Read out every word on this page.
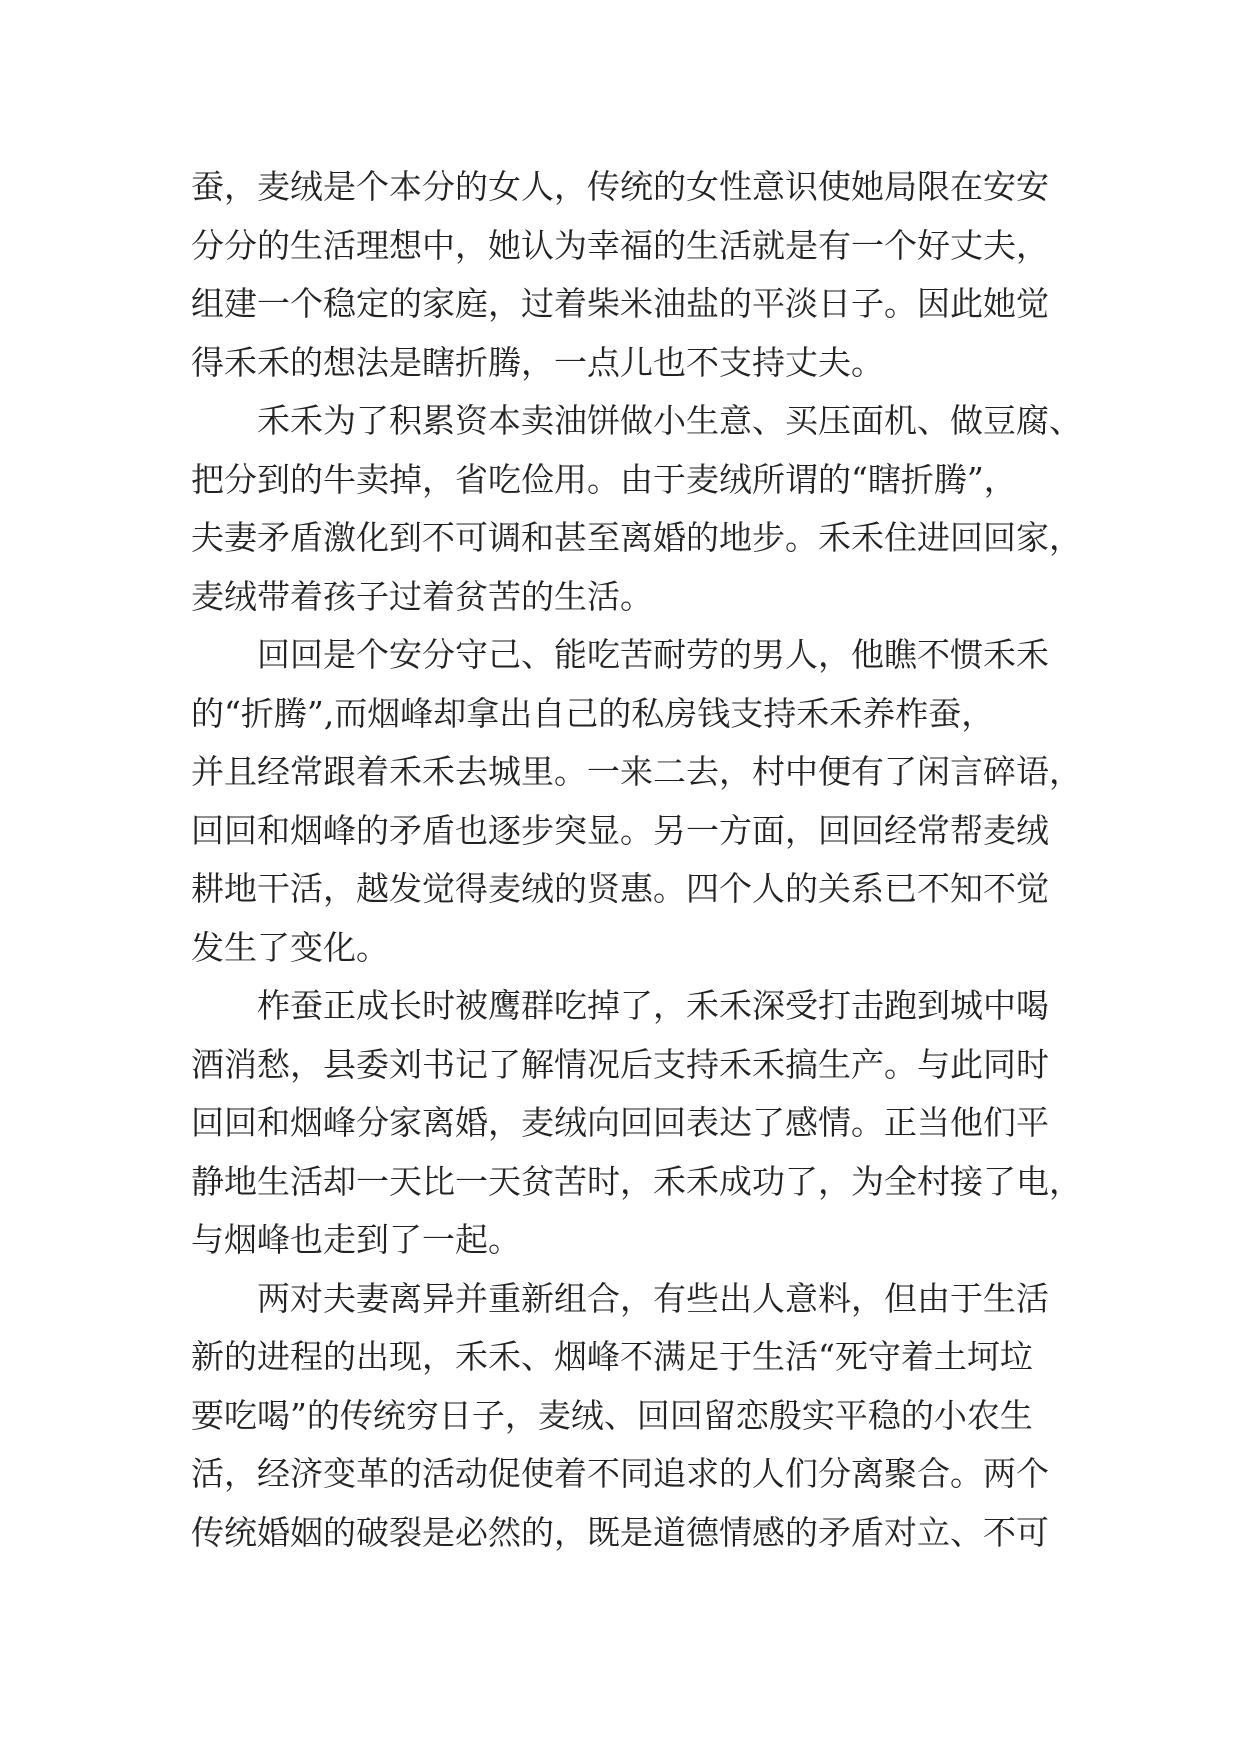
蚕，麦绒是个本分的女人，传统的女性意识使她局限在安安
分分的生活理想中，她认为幸福的生活就是有一个好丈夫，
组建一个稳定的家庭，过着柴米油盐的平淡日子。因此她觉
得禾禾的想法是瞎折腾，一点儿也不支持丈夫。
禾禾为了积累资本卖油饼做小生意、买压面机、做豆腐、
把分到的牛卖掉，省吃俭用。由于麦绒所谓的“瞎折腾”，
夫妻矛盾激化到不可调和甚至离婚的地步。禾禾住进回回家，
麦绒带着孩子过着贫苦的生活。
回回是个安分守己、能吃苦耐劳的男人，他瞧不惯禾禾
的“折腾”,而烟峰却拿出自己的私房钱支持禾禾养柞蚕，
并且经常跟着禾禾去城里。一来二去，村中便有了闲言碎语，
回回和烟峰的矛盾也逐步突显。另一方面，回回经常帮麦绒
耕地干活，越发觉得麦绒的贤惠。四个人的关系已不知不觉
发生了变化。
柞蚕正成长时被鹰群吃掉了，禾禾深受打击跑到城中喝
酒消愁，县委刘书记了解情况后支持禾禾搞生产。与此同时
回回和烟峰分家离婚，麦绒向回回表达了感情。正当他们平
静地生活却一天比一天贫苦时，禾禾成功了，为全村接了电，
与烟峰也走到了一起。
两对夫妻离异并重新组合，有些出人意料，但由于生活
新的进程的出现，禾禾、烟峰不满足于生活“死守着土坷垃
要吃喝”的传统穷日子，麦绒、回回留恋殷实平稳的小农生
活，经济变革的活动促使着不同追求的人们分离聚合。两个
传统婚姻的破裂是必然的，既是道德情感的矛盾对立、不可
